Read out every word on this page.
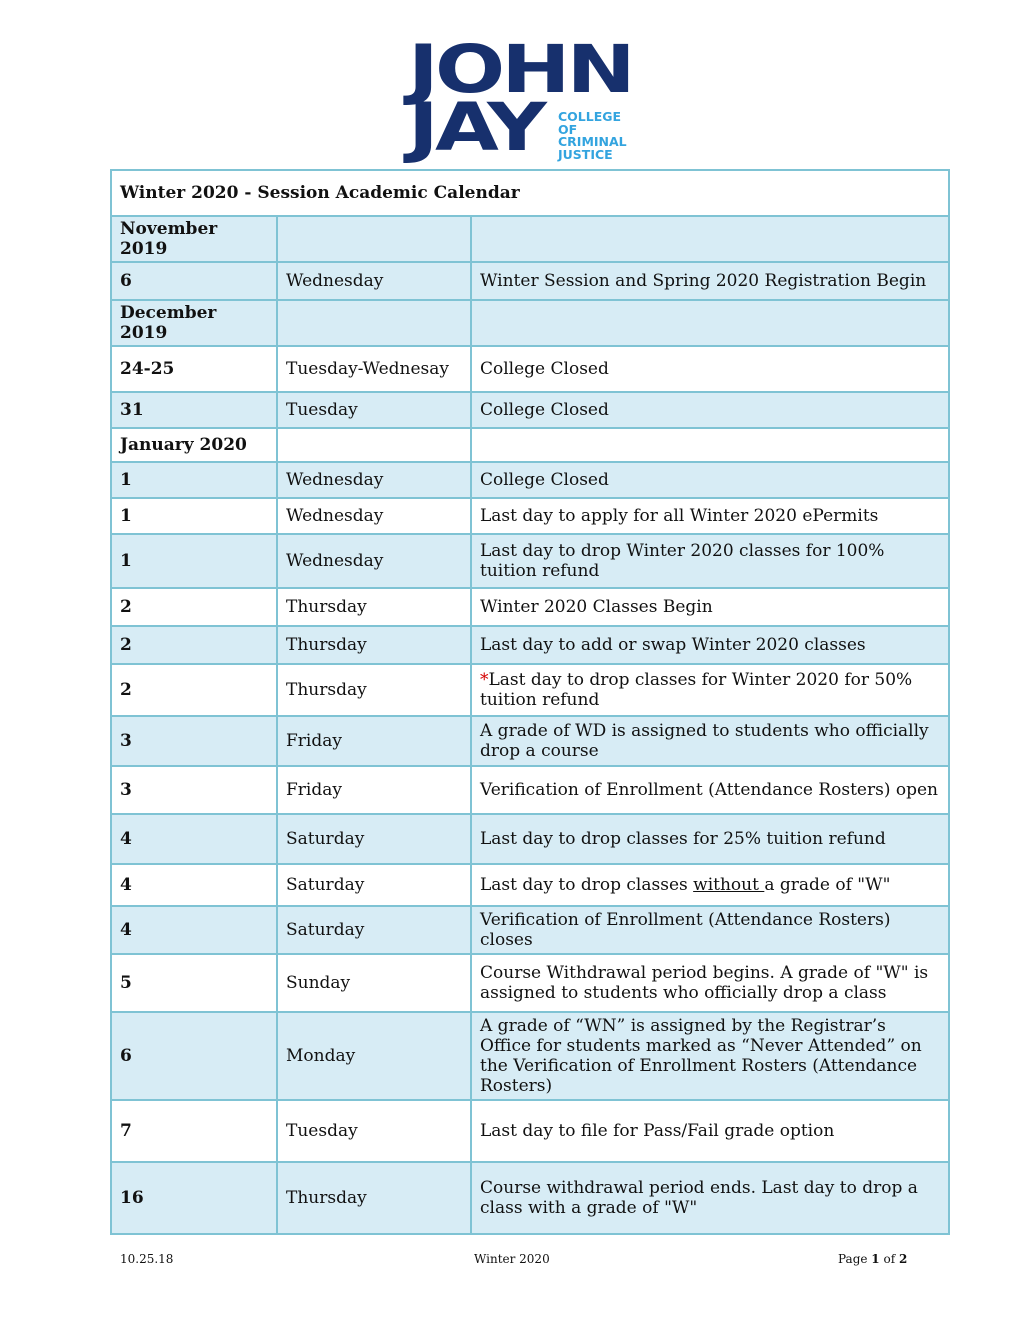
JOHN
JAY COLLEGE
OF
CRIMINAL
JUSTICE
Winter 2020 - Session Academic Calendar		
November 2019		
6	Wednesday	Winter Session and Spring 2020 Registration Begin
December 2019		
24-25	Tuesday-Wednesay	College Closed
31	Tuesday	College Closed
January 2020		
1	Wednesday	College Closed
1	Wednesday	Last day to apply for all Winter 2020 ePermits
1	Wednesday	Last day to drop Winter 2020 classes for 100% tuition refund
2	Thursday	Winter 2020 Classes Begin
2	Thursday	Last day to add or swap Winter 2020 classes
2	Thursday	*Last day to drop classes for Winter 2020 for 50% tuition refund
3	Friday	A grade of WD is assigned to students who officially drop a course
3	Friday	Verification of Enrollment (Attendance Rosters) open
4	Saturday	Last day to drop classes for 25% tuition refund
4	Saturday	Last day to drop classes without a grade of "W"
4	Saturday	Verification of Enrollment (Attendance Rosters) closes
5	Sunday	Course Withdrawal period begins. A grade of "W" is assigned to students who officially drop a class
6	Monday	A grade of “WN” is assigned by the Registrar’s Office for students marked as “Never Attended” on the Verification of Enrollment Rosters (Attendance Rosters)
7	Tuesday	Last day to file for Pass/Fail grade option
16	Thursday	Course withdrawal period ends. Last day to drop a class with a grade of "W"
10.25.18	Winter 2020	Page 1 of 2
